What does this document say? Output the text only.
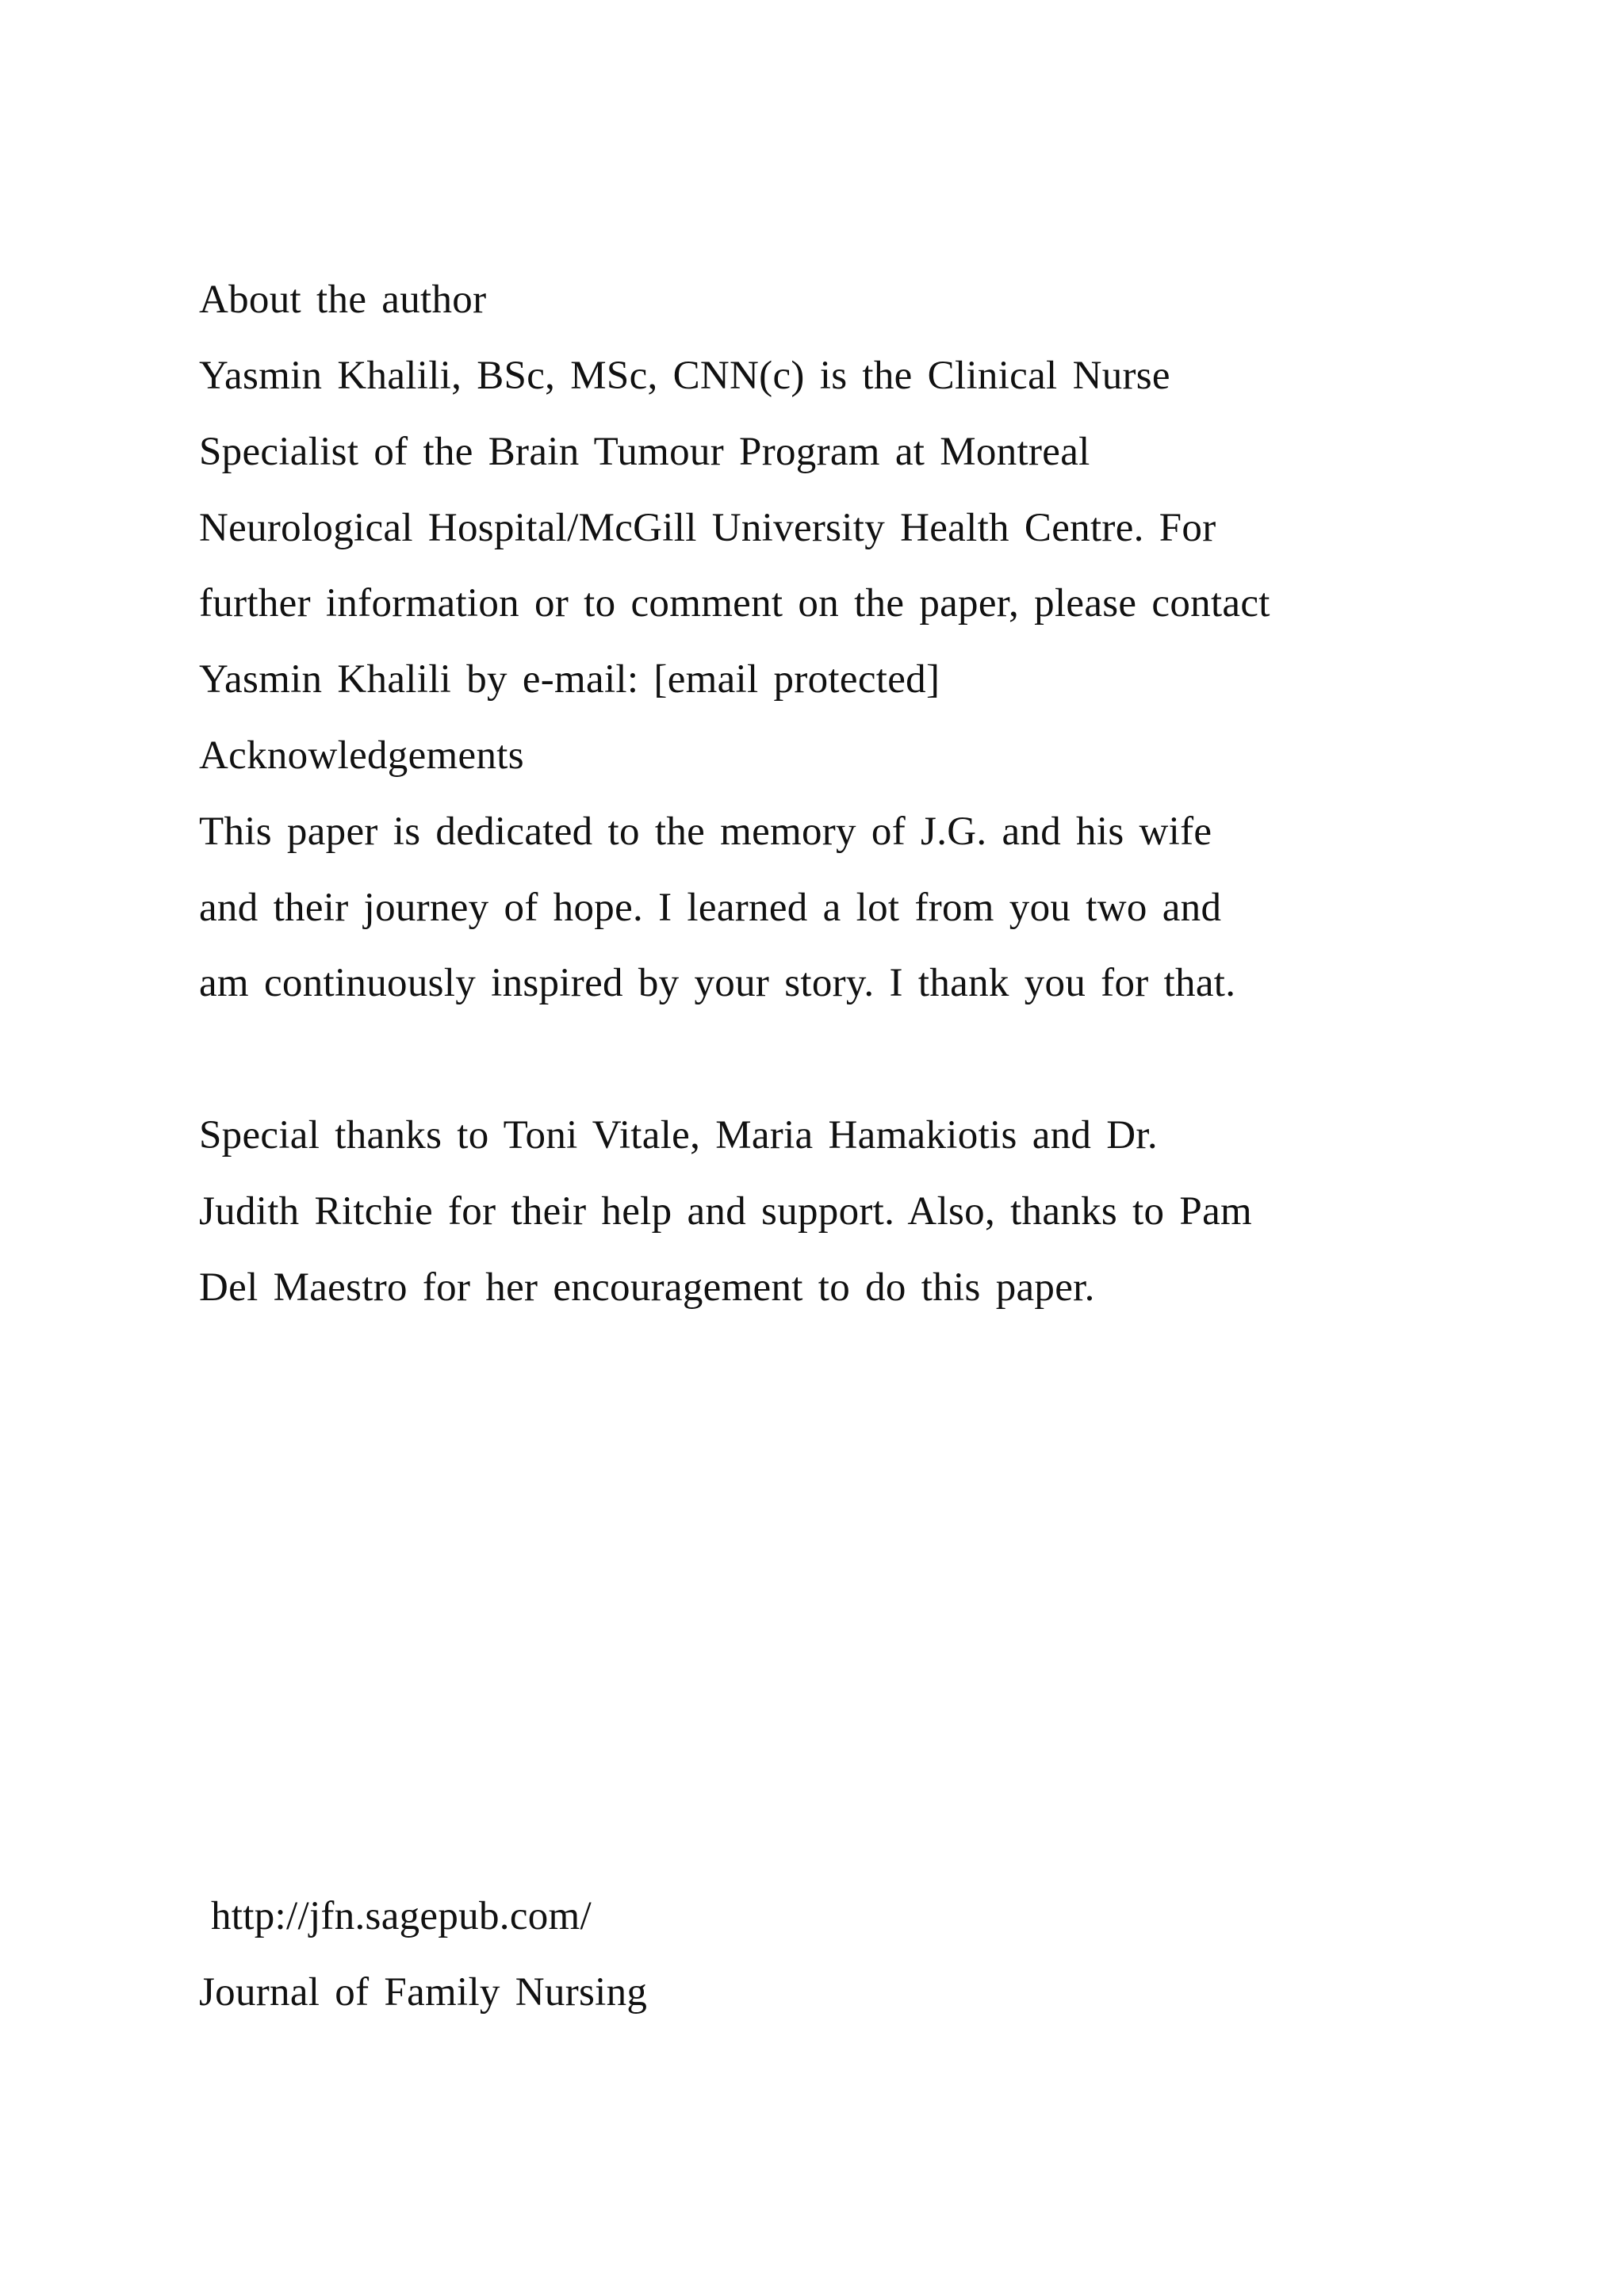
About the author
Yasmin Khalili, BSc, MSc, CNN(c) is the Clinical Nurse
Specialist of the Brain Tumour Program at Montreal
Neurological Hospital/McGill University Health Centre. For
further information or to comment on the paper, please contact
Yasmin Khalili by e-mail: [email protected]
Acknowledgements
This paper is dedicated to the memory of J.G. and his wife
and their journey of hope. I learned a lot from you two and
am continuously inspired by your story. I thank you for that.
Special thanks to Toni Vitale, Maria Hamakiotis and Dr.
Judith Ritchie for their help and support. Also, thanks to Pam
Del Maestro for her encouragement to do this paper.
http://jfn.sagepub.com/
Journal of Family Nursing
